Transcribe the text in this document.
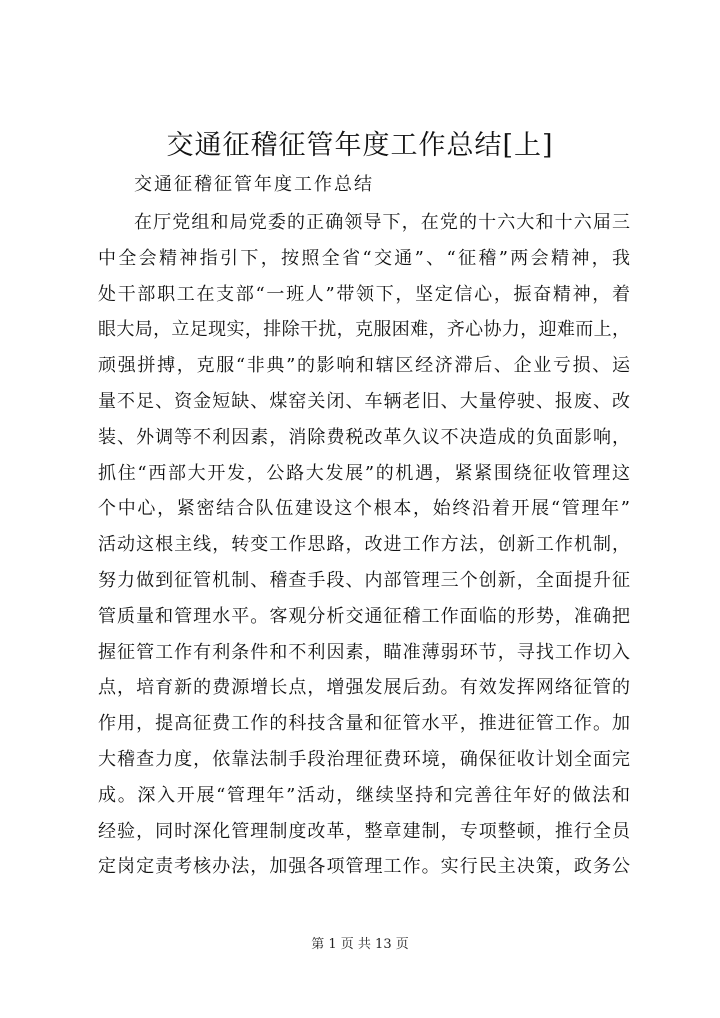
交通征稽征管年度工作总结[上]
交通征稽征管年度工作总结
在厅党组和局党委的正确领导下，在党的十六大和十六届三
中全会精神指引下，按照全省“交通”、“征稽”两会精神，我
处干部职工在支部“一班人”带领下，坚定信心，振奋精神，着
眼大局，立足现实，排除干扰，克服困难，齐心协力，迎难而上，
顽强拼搏，克服“非典”的影响和辖区经济滞后、企业亏损、运
量不足、资金短缺、煤窑关闭、车辆老旧、大量停驶、报废、改
装、外调等不利因素，消除费税改革久议不决造成的负面影响，
抓住“西部大开发，公路大发展”的机遇，紧紧围绕征收管理这
个中心，紧密结合队伍建设这个根本，始终沿着开展“管理年”
活动这根主线，转变工作思路，改进工作方法，创新工作机制，
努力做到征管机制、稽查手段、内部管理三个创新，全面提升征
管质量和管理水平。客观分析交通征稽工作面临的形势，准确把
握征管工作有利条件和不利因素，瞄准薄弱环节，寻找工作切入
点，培育新的费源增长点，增强发展后劲。有效发挥网络征管的
作用，提高征费工作的科技含量和征管水平，推进征管工作。加
大稽查力度，依靠法制手段治理征费环境，确保征收计划全面完
成。深入开展“管理年”活动，继续坚持和完善往年好的做法和
经验，同时深化管理制度改革，整章建制，专项整顿，推行全员
定岗定责考核办法，加强各项管理工作。实行民主决策，政务公
第 1 页 共 13 页
